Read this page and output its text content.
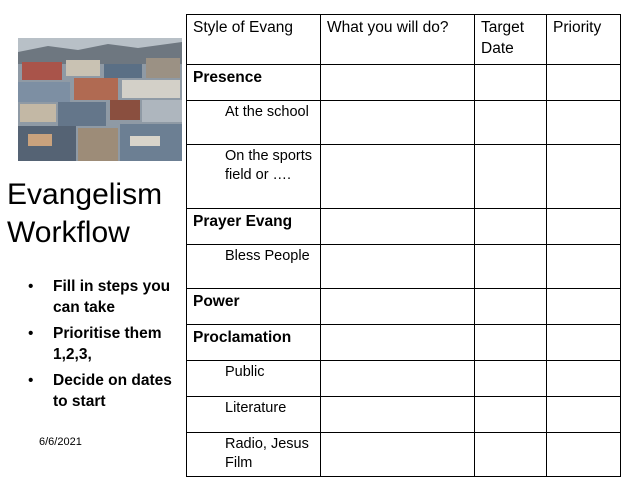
Evangelism Workflow
• Fill in steps you can take
• Prioritise them 1,2,3,
• Decide on dates to start
6/6/2021
Style of Evang	What you will do?	Target Date	Priority
Presence			
At the school			
On the sports field or ….			
Prayer Evang			
Bless People			
Power			
Proclamation			
Public			
Literature			
Radio, Jesus Film			
